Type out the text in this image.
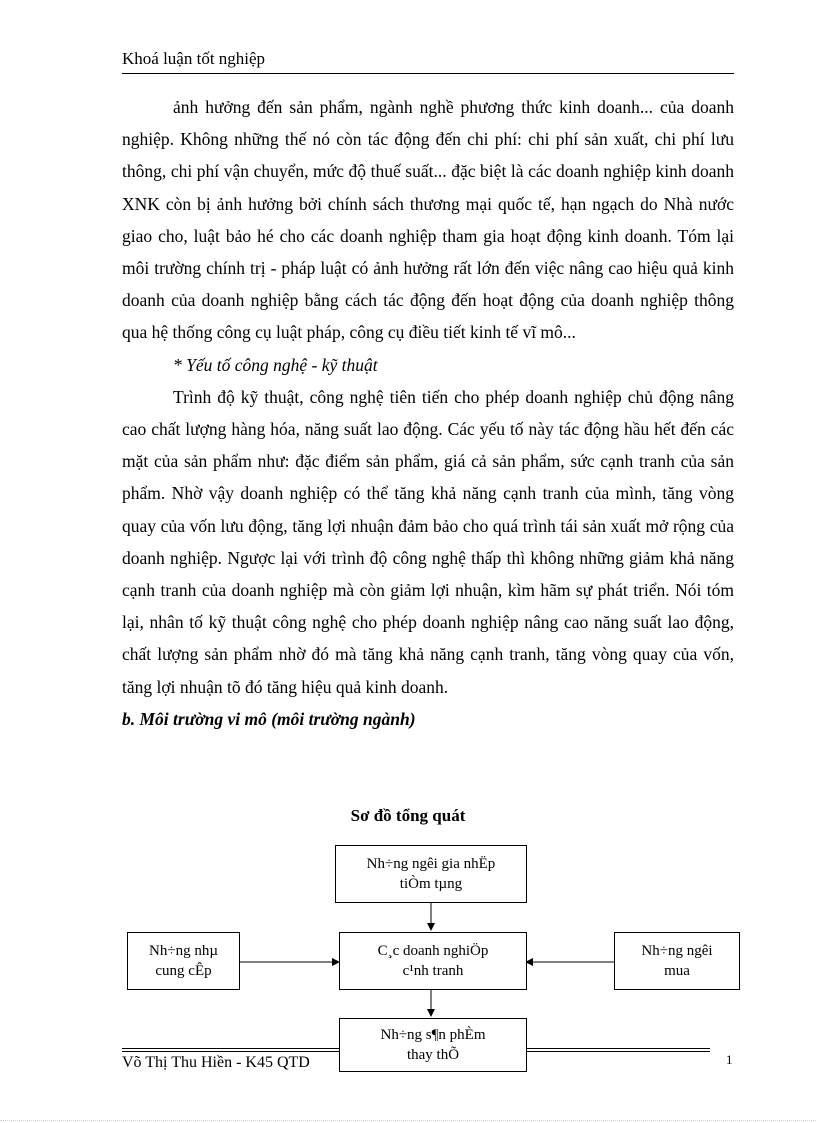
Khoá luận tốt nghiệp

ảnh hưởng đến sản phẩm, ngành nghề phương thức kinh doanh... của doanh nghiệp. Không những thế nó còn tác động đến chi phí: chi phí sản xuất, chi phí lưu thông, chi phí vận chuyển, mức độ thuế suất... đặc biệt là các doanh nghiệp kinh doanh XNK còn bị ảnh hưởng bởi chính sách thương mại quốc tế, hạn ngạch do Nhà nước giao cho, luật bảo hé cho các doanh nghiệp tham gia hoạt động kinh doanh. Tóm lại môi trường chính trị - pháp luật có ảnh hưởng rất lớn đến việc nâng cao hiệu quả kinh doanh của doanh nghiệp bằng cách tác động đến hoạt động của doanh nghiệp thông qua hệ thống công cụ luật pháp, công cụ điều tiết kinh tế vĩ mô...

* Yếu tố công nghệ - kỹ thuật

Trình độ kỹ thuật, công nghệ tiên tiến cho phép doanh nghiệp chủ động nâng cao chất lượng hàng hóa, năng suất lao động. Các yếu tố này tác động hầu hết đến các mặt của sản phẩm như: đặc điểm sản phẩm, giá cả sản phẩm, sức cạnh tranh của sản phẩm. Nhờ vậy doanh nghiệp có thể tăng khả năng cạnh tranh của mình, tăng vòng quay của vốn lưu động, tăng lợi nhuận đảm bảo cho quá trình tái sản xuất mở rộng của doanh nghiệp. Ngược lại với trình độ công nghệ thấp thì không những giảm khả năng cạnh tranh của doanh nghiệp mà còn giảm lợi nhuận, kìm hãm sự phát triển. Nói tóm lại, nhân tố kỹ thuật công nghệ cho phép doanh nghiệp nâng cao năng suất lao động, chất lượng sản phẩm nhờ đó mà tăng khả năng cạnh tranh, tăng vòng quay của vốn, tăng lợi nhuận tõ đó tăng hiệu quả kinh doanh.

b. Môi trường vi mô (môi trường ngành)

Sơ đồ tổng quát
Nh÷ng ngêi gia nhËp
tiÒm tµng
C¸c doanh nghiÖp
c¹nh tranh
Nh÷ng nhµ
cung cÊp
Nh÷ng ngêi
mua
Võ Thị Thu Hiền - K45 QTD	1
Nh÷ng s¶n phÈm
thay thÕ
